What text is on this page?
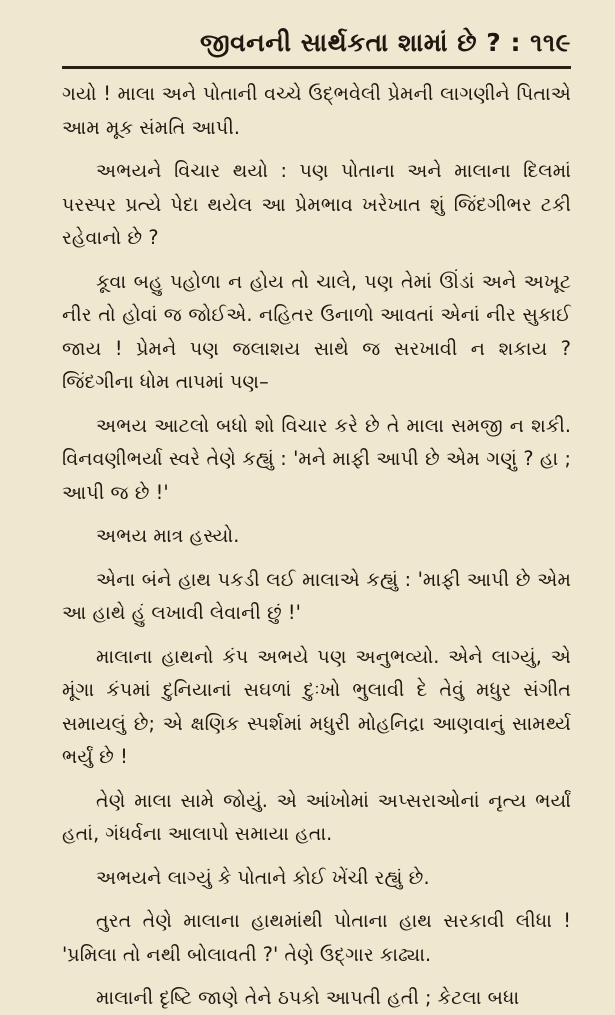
જીવનની સાર્થકતા શામાં છે ? : ૧૧૯

ગયો ! માલા અને પોતાની વચ્ચે ઉદ્ભવેલી પ્રેમની લાગણીને પિતાએ આમ મૂક સંમતિ આપી.

અભયને વિચાર થયો : પણ પોતાના અને માલાના દિલમાં પરસ્પર પ્રત્યે પેદા થયેલ આ પ્રેમભાવ ખરેખાત શું જિંદગીભર ટકી રહેવાનો છે ?

કૂવા બહુ પહોળા ન હોય તો ચાલે, પણ તેમાં ઊંડાં અને અખૂટ નીર તો હોવાં જ જોઈએ. નહિતર ઉનાળો આવતાં એનાં નીર સુકાઈ જાય ! પ્રેમને પણ જલાશય સાથે જ સરખાવી ન શકાય ? જિંદગીના ધોમ તાપમાં પણ–

અભય આટલો બધો શો વિચાર કરે છે તે માલા સમજી ન શકી. વિનવણીભર્યા સ્વરે તેણે કહ્યું : 'મને માફી આપી છે એમ ગણું ? હા ; આપી જ છે !'

અભય માત્ર હસ્યો.

એના બંને હાથ પકડી લઈ માલાએ કહ્યું : 'માફી આપી છે એમ આ હાથે હું લખાવી લેવાની છું !'

માલાના હાથનો કંપ અભયે પણ અનુભવ્યો. એને લાગ્યું, એ મૂંગા કંપમાં દુનિયાનાં સઘળાં દુઃખો ભુલાવી દે તેવું મધુર સંગીત સમાયલું છે; એ ક્ષણિક સ્પર્શમાં મધુરી મોહનિદ્રા આણવાનું સામર્થ્ય ભર્યું છે !

તેણે માલા સામે જોયું. એ આંખોમાં અપ્સરાઓનાં નૃત્ય ભર્યાં હતાં, ગંધર્વના આલાપો સમાયા હતા.

અભયને લાગ્યું કે પોતાને કોઈ ખેંચી રહ્યું છે.

તુરત તેણે માલાના હાથમાંથી પોતાના હાથ સરકાવી લીધા ! 'પ્રમિલા તો નથી બોલાવતી ?' તેણે ઉદ્ગાર કાઢ્યા.

માલાની દૃષ્ટિ જાણે તેને ઠપકો આપતી હતી ; કેટલા બધા
